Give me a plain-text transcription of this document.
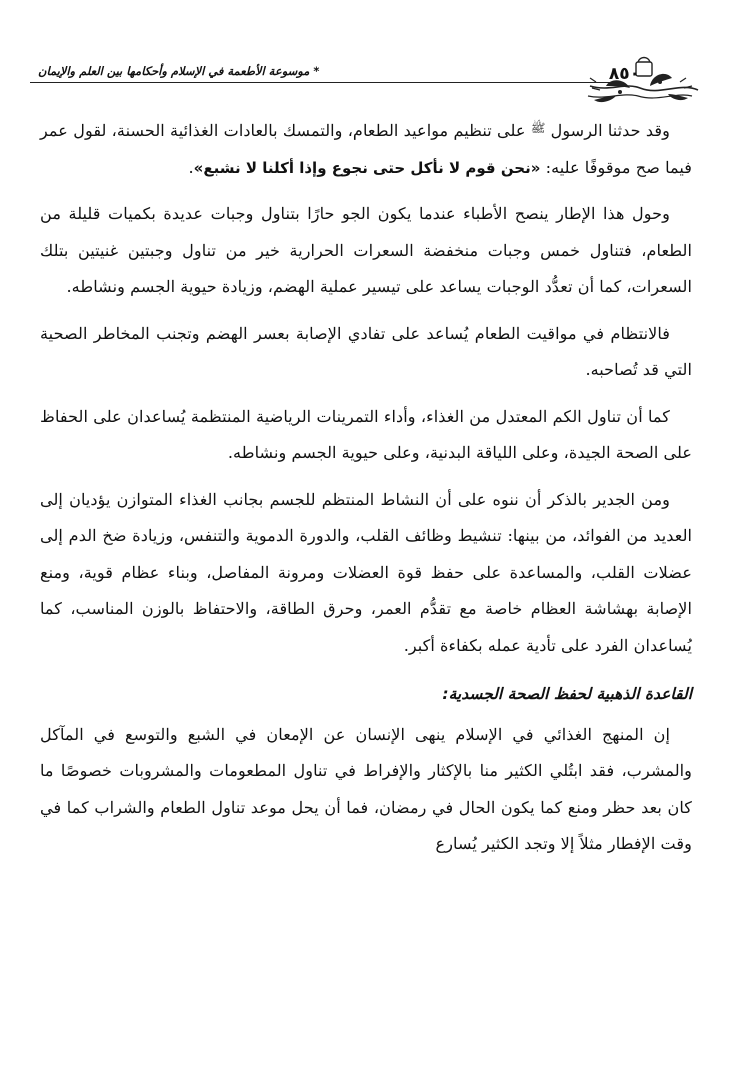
٨٥٠
* موسوعة الأطعمة في الإسلام وأحكامها بين العلم والإيمان

وقد حدثنا الرسول $^ﷺ$ على تنظيم مواعيد الطعام، والتمسك بالعادات الغذائية الحسنة، لقول عمر فيما صح موقوفًا عليه: «نحن قوم لا نأكل حتى نجوع وإذا أكلنا لا نشبع».

وحول هذا الإطار ينصح الأطباء عندما يكون الجو حارًا بتناول وجبات عديدة بكميات قليلة من الطعام، فتناول خمس وجبات منخفضة السعرات الحرارية خير من تناول وجبتين غنيتين بتلك السعرات، كما أن تعدُّد الوجبات يساعد على تيسير عملية الهضم، وزيادة حيوية الجسم ونشاطه.

فالانتظام في مواقيت الطعام يُساعد على تفادي الإصابة بعسر الهضم وتجنب المخاطر الصحية التي قد تُصاحبه.

كما أن تناول الكم المعتدل من الغذاء، وأداء التمرينات الرياضية المنتظمة يُساعدان على الحفاظ على الصحة الجيدة، وعلى اللياقة البدنية، وعلى حيوية الجسم ونشاطه.

ومن الجدير بالذكر أن ننوه على أن النشاط المنتظم للجسم بجانب الغذاء المتوازن يؤديان إلى العديد من الفوائد، من بينها: تنشيط وظائف القلب، والدورة الدموية والتنفس، وزيادة ضخ الدم إلى عضلات القلب، والمساعدة على حفظ قوة العضلات ومرونة المفاصل، وبناء عظام قوية، ومنع الإصابة بهشاشة العظام خاصة مع تقدُّم العمر، وحرق الطاقة، والاحتفاظ بالوزن المناسب، كما يُساعدان الفرد على تأدية عمله بكفاءة أكبر.

القاعدة الذهبية لحفظ الصحة الجسدية:

إن المنهج الغذائي في الإسلام ينهى الإنسان عن الإمعان في الشبع والتوسع في المآكل والمشرب، فقد ابتُلي الكثير منا بالإكثار والإفراط في تناول المطعومات والمشروبات خصوصًا ما كان بعد حظر ومنع كما يكون الحال في رمضان، فما أن يحل موعد تناول الطعام والشراب كما في وقت الإفطار مثلاً إلا وتجد الكثير يُسارع
